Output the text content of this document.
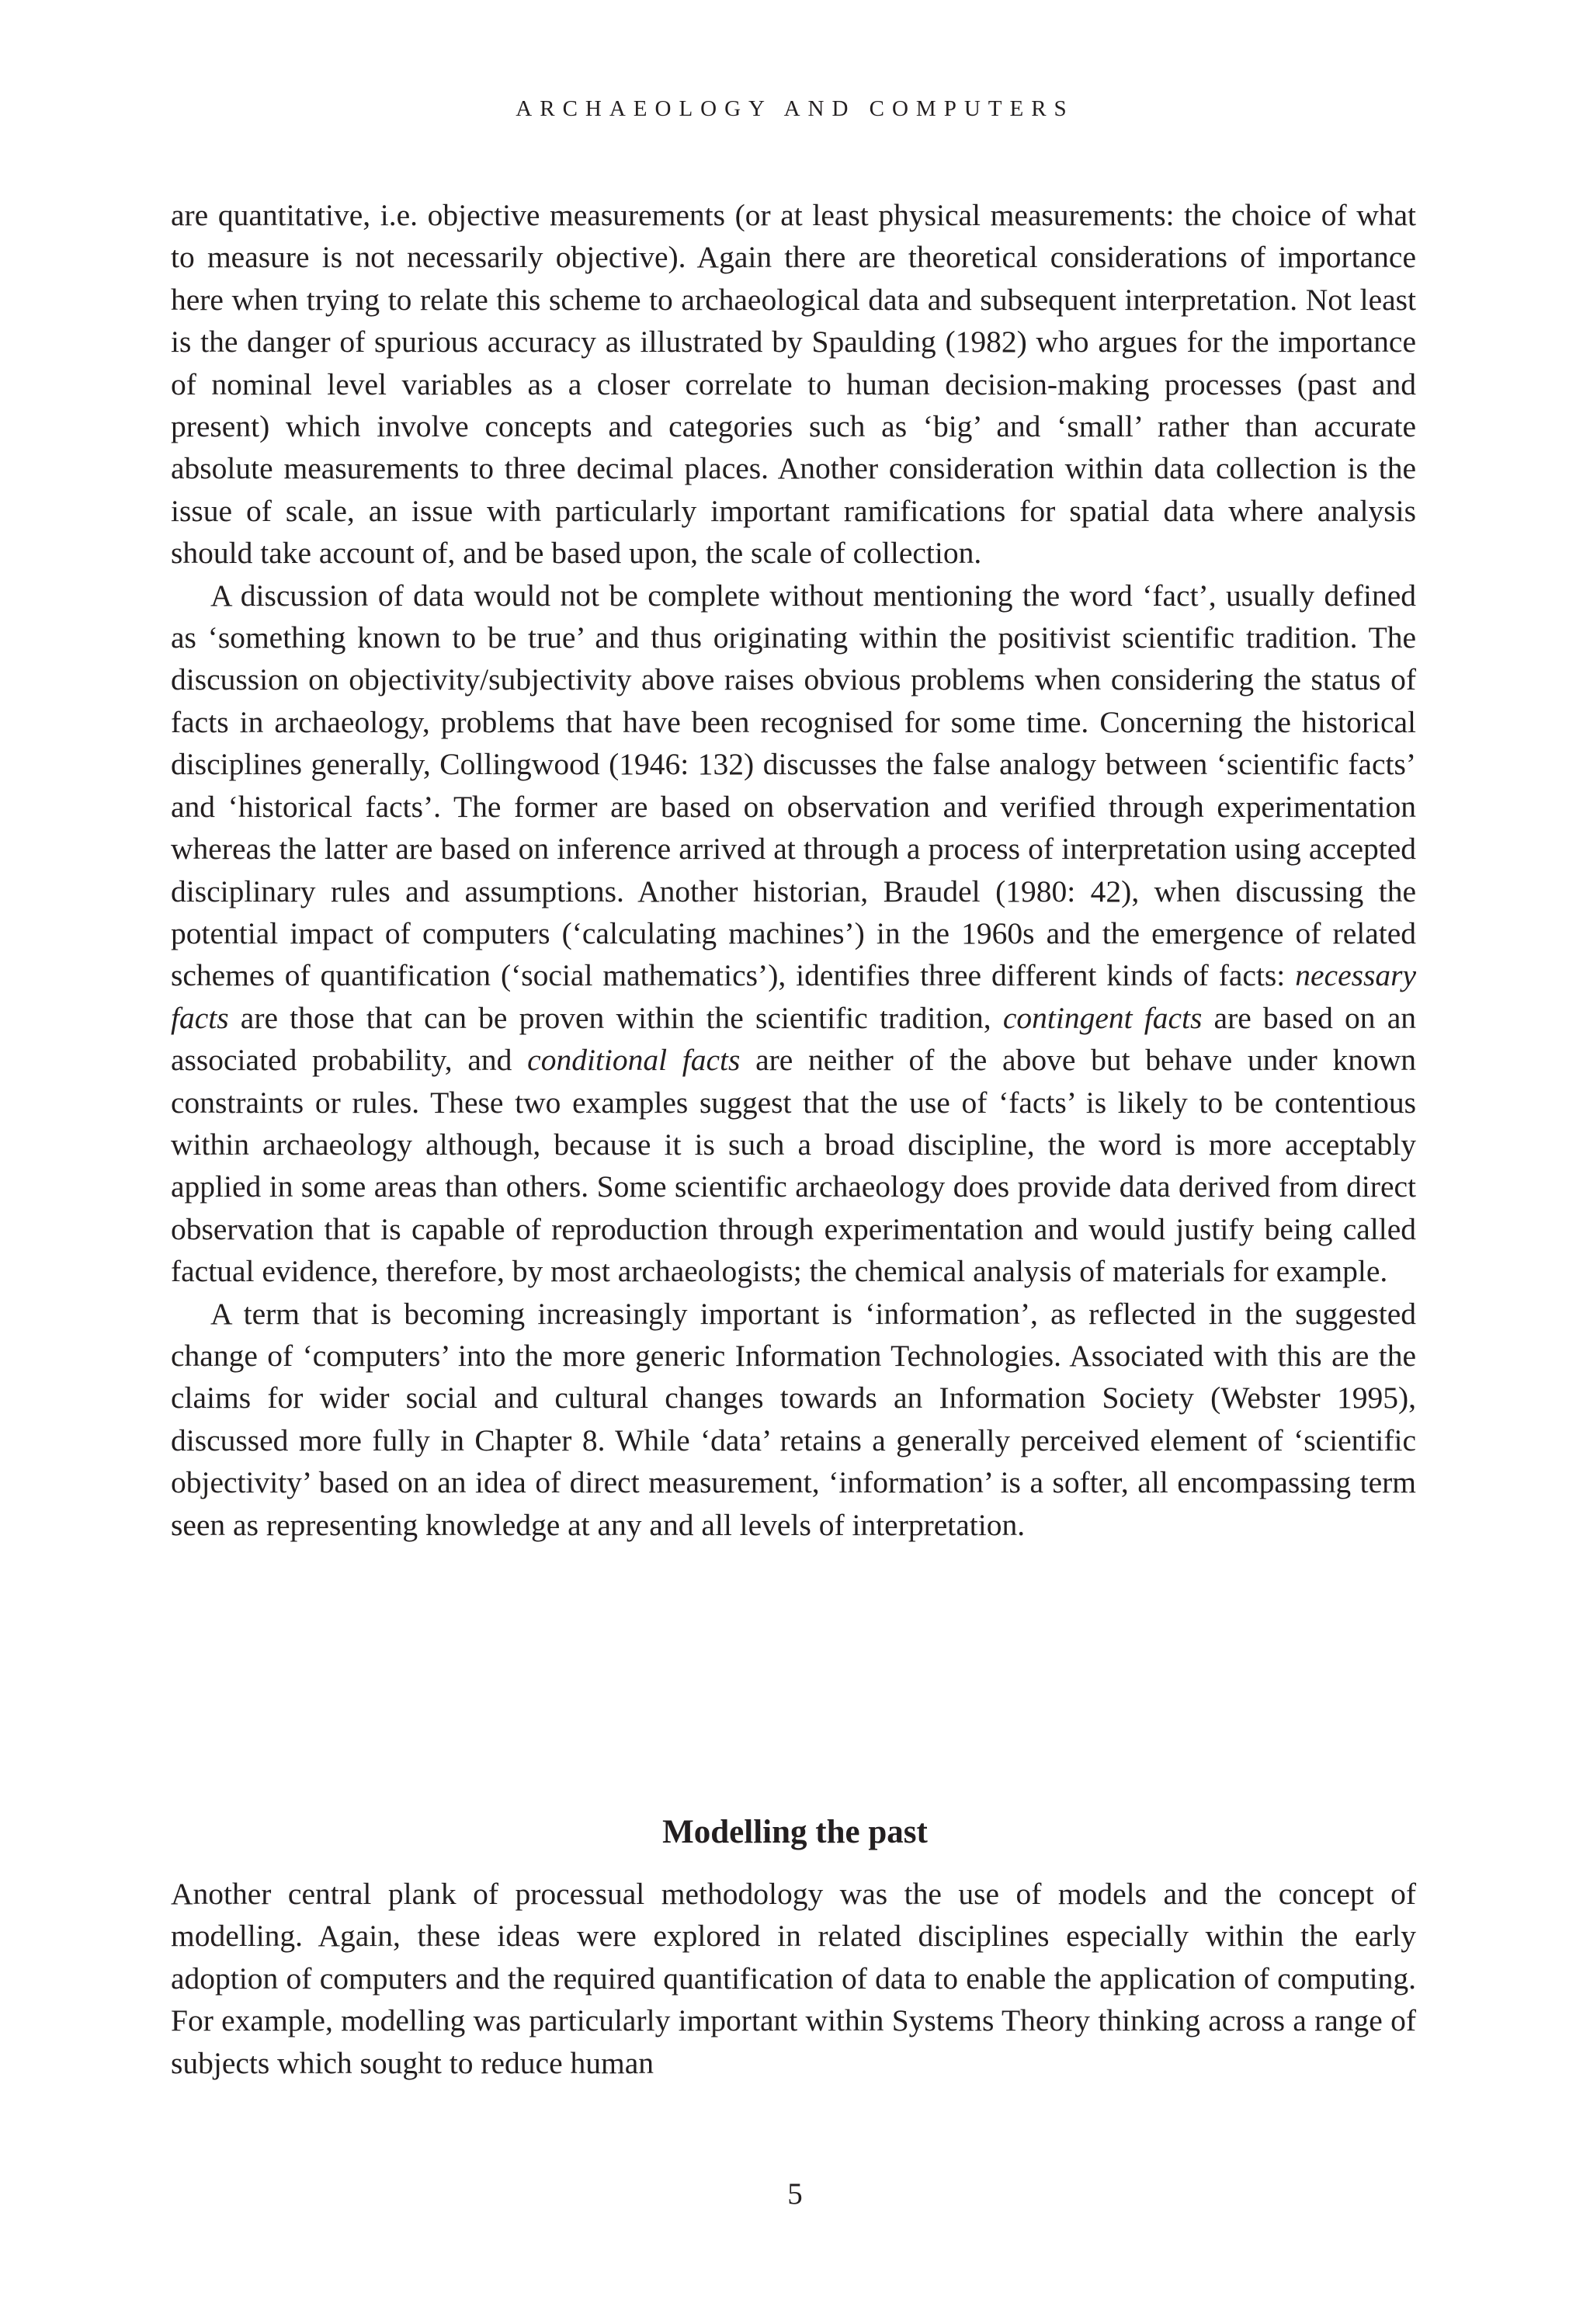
ARCHAEOLOGY AND COMPUTERS

are quantitative, i.e. objective measurements (or at least physical measurements: the choice of what to measure is not necessarily objective). Again there are theoretical considerations of importance here when trying to relate this scheme to archaeological data and subsequent interpretation. Not least is the danger of spurious accuracy as illustrated by Spaulding (1982) who argues for the importance of nominal level variables as a closer correlate to human decision-making processes (past and present) which involve concepts and categories such as ‘big’ and ‘small’ rather than accurate absolute measurements to three decimal places. Another consideration within data collection is the issue of scale, an issue with particularly important ramifications for spatial data where analysis should take account of, and be based upon, the scale of collection.

A discussion of data would not be complete without mentioning the word ‘fact’, usually defined as ‘something known to be true’ and thus originating within the positivist scientific tradition. The discussion on objectivity/subjectivity above raises obvious problems when considering the status of facts in archaeology, problems that have been recognised for some time. Concerning the historical disciplines generally, Collingwood (1946: 132) discusses the false analogy between ‘scientific facts’ and ‘historical facts’. The former are based on observation and verified through experimentation whereas the latter are based on inference arrived at through a process of interpretation using accepted disciplinary rules and assumptions. Another historian, Braudel (1980: 42), when discussing the potential impact of computers (‘calculating machines’) in the 1960s and the emergence of related schemes of quantification (‘social mathematics’), identifies three different kinds of facts: necessary facts are those that can be proven within the scientific tradition, contingent facts are based on an associated probability, and conditional facts are neither of the above but behave under known constraints or rules. These two examples suggest that the use of ‘facts’ is likely to be contentious within archaeology although, because it is such a broad discipline, the word is more acceptably applied in some areas than others. Some scientific archaeology does provide data derived from direct observation that is capable of reproduction through experimentation and would justify being called factual evidence, therefore, by most archaeologists; the chemical analysis of materials for example.

A term that is becoming increasingly important is ‘information’, as reflected in the suggested change of ‘computers’ into the more generic Information Technologies. Associated with this are the claims for wider social and cultural changes towards an Information Society (Webster 1995), discussed more fully in Chapter 8. While ‘data’ retains a generally perceived element of ‘scientific objectivity’ based on an idea of direct measurement, ‘information’ is a softer, all encompassing term seen as representing knowledge at any and all levels of interpretation.

Modelling the past

Another central plank of processual methodology was the use of models and the concept of modelling. Again, these ideas were explored in related disciplines especially within the early adoption of computers and the required quantification of data to enable the application of computing. For example, modelling was particularly important within Systems Theory thinking across a range of subjects which sought to reduce human

5
